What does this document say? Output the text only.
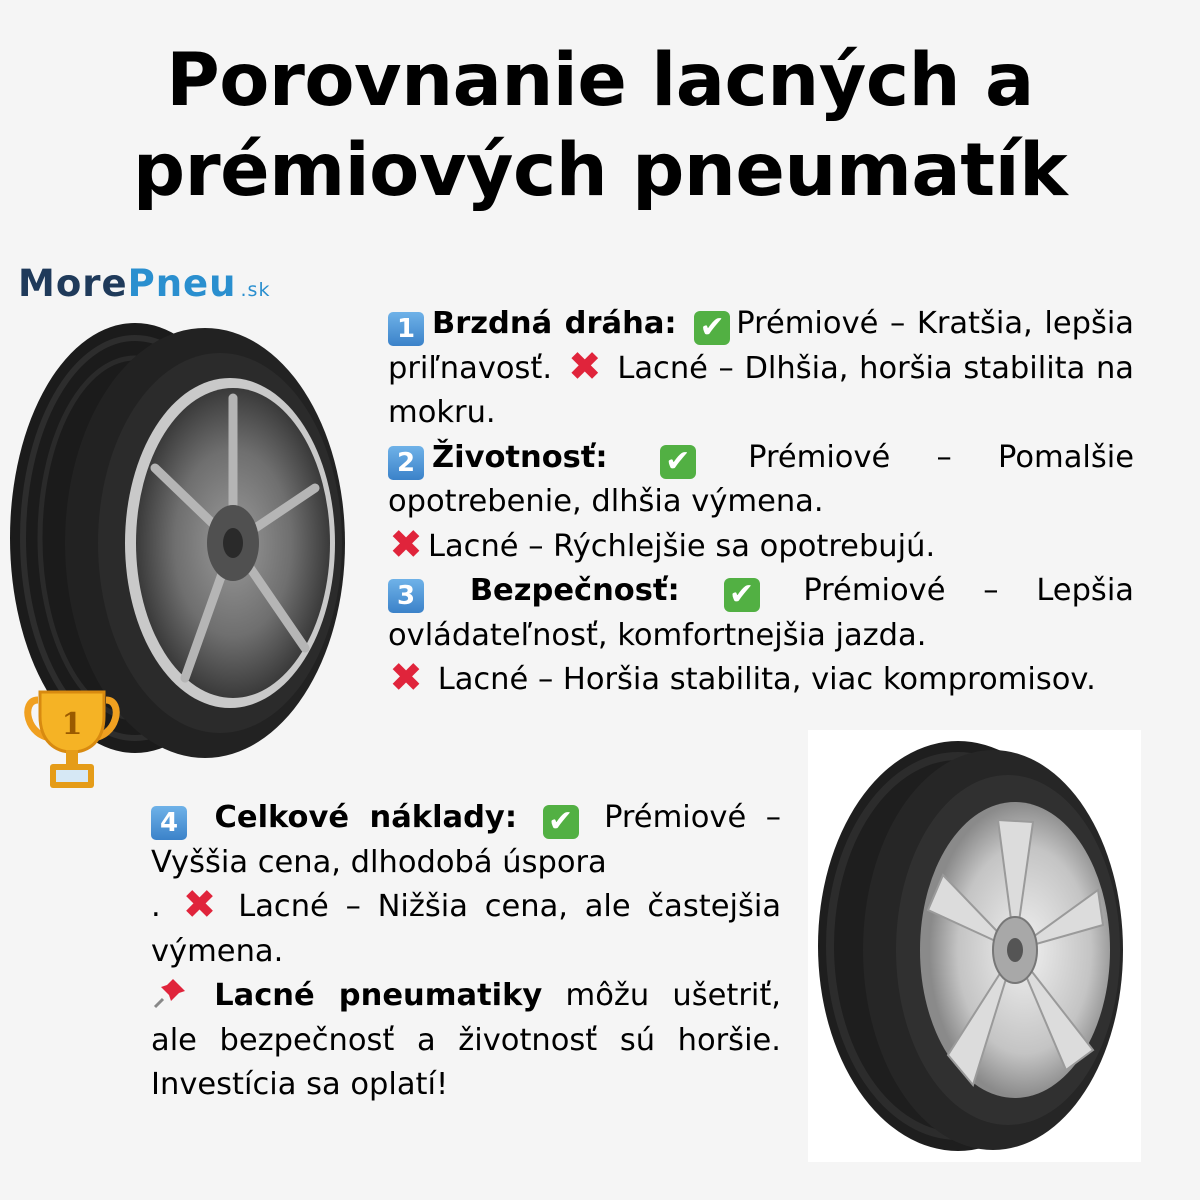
Porovnanie lacných a
prémiových pneumatík
MorePneu .sk
1

1 Brzdná dráha: ✔ Prémiové – Kratšia, lepšia priľnavosť. ✖ Lacné – Dlhšia, horšia stabilita na mokru.

2 Životnosť: ✔ Prémiové – Pomalšie opotrebenie, dlhšia výmena.
✖ Lacné – Rýchlejšie sa opotrebujú.

3 Bezpečnosť: ✔ Prémiové – Lepšia ovládateľnosť, komfortnejšia jazda.
✖ Lacné – Horšia stabilita, viac kompromisov.

4 Celkové náklady: ✔ Prémiové – Vyššia cena, dlhodobá úspora
. ✖ Lacné – Nižšia cena, ale častejšia výmena.

Lacné pneumatiky môžu ušetriť, ale bezpečnosť a životnosť sú horšie. Investícia sa oplatí!
